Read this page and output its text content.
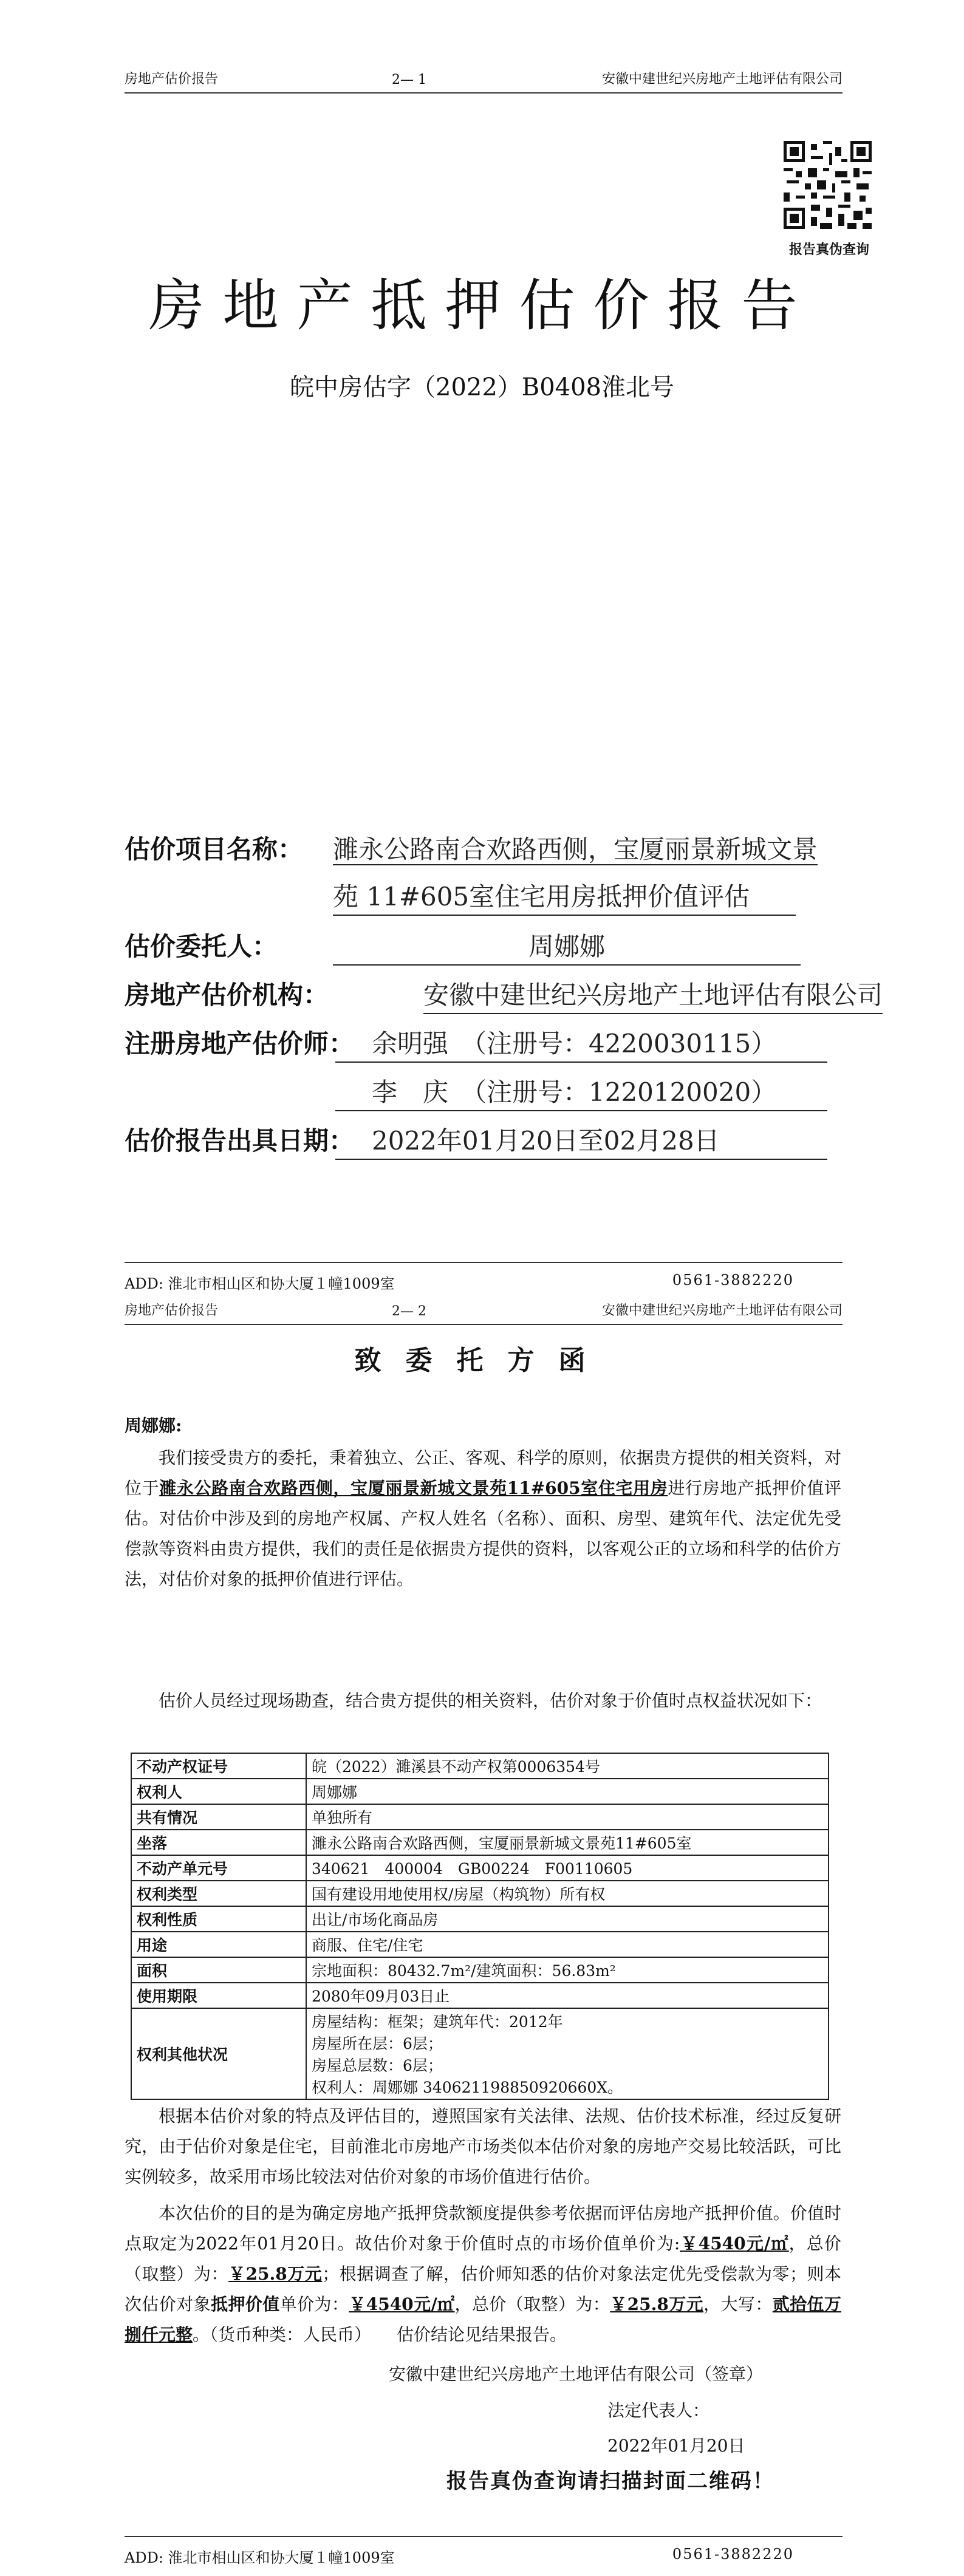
房地产估价报告	2— 1	安徽中建世纪兴房地产土地评估有限公司
报告真伪查询
房地产抵押估价报告
皖中房估字（2022）B0408淮北号
估价项目名称： 濉永公路南合欢路西侧，宝厦丽景新城文景
苑 11#605室住宅用房抵押价值评估
估价委托人：	周娜娜
房地产估价机构：	安徽中建世纪兴房地产土地评估有限公司
注册房地产估价师： 余明强　（注册号：4220030115）
李　庆　（注册号：1220120020）
估价报告出具日期： 2022年01月20日至02月28日
ADD: 淮北市相山区和协大厦１幢1009室	0561-3882220
房地产估价报告	2— 2	安徽中建世纪兴房地产土地评估有限公司
致委托方函
周娜娜:
我们接受贵方的委托，秉着独立、公正、客观、科学的原则，依据贵方提供的相关资料，对位于濉永公路南合欢路西侧，宝厦丽景新城文景苑11#605室住宅用房进行房地产抵押价值评估。对估价中涉及到的房地产权属、产权人姓名（名称）、面积、房型、建筑年代、法定优先受偿款等资料由贵方提供，我们的责任是依据贵方提供的资料，以客观公正的立场和科学的估价方法，对估价对象的抵押价值进行评估。
估价人员经过现场勘查，结合贵方提供的相关资料，估价对象于价值时点权益状况如下：
不动产权证号	皖（2022）濉溪县不动产权第0006354号
权利人	周娜娜
共有情况	单独所有
坐落	濉永公路南合欢路西侧，宝厦丽景新城文景苑11#605室
不动产单元号	340621　400004　GB00224　F00110605
权利类型	国有建设用地使用权/房屋（构筑物）所有权
权利性质	出让/市场化商品房
用途	商服、住宅/住宅
面积	宗地面积：80432.7m²/建筑面积：56.83m²
使用期限	2080年09月03日止
权利其他状况	房屋结构：框架；建筑年代：2012年
房屋所在层：6层；
房屋总层数：6层；
权利人：周娜娜 340621198850920660X。
根据本估价对象的特点及评估目的，遵照国家有关法律、法规、估价技术标准，经过反复研究，由于估价对象是住宅，目前淮北市房地产市场类似本估价对象的房地产交易比较活跃，可比实例较多，故采用市场比较法对估价对象的市场价值进行估价。
本次估价的目的是为确定房地产抵押贷款额度提供参考依据而评估房地产抵押价值。价值时点取定为2022年01月20日。故估价对象于价值时点的市场价值单价为:￥4540元/㎡，总价（取整）为：￥25.8万元；根据调查了解，估价师知悉的估价对象法定优先受偿款为零；则本次估价对象抵押价值单价为：￥4540元/㎡，总价（取整）为：￥25.8万元，大写：贰拾伍万捌仟元整。（货币种类：人民币）　　估价结论见结果报告。
安徽中建世纪兴房地产土地评估有限公司（签章）
法定代表人：
2022年01月20日
报告真伪查询请扫描封面二维码！
ADD: 淮北市相山区和协大厦１幢1009室	0561-3882220
